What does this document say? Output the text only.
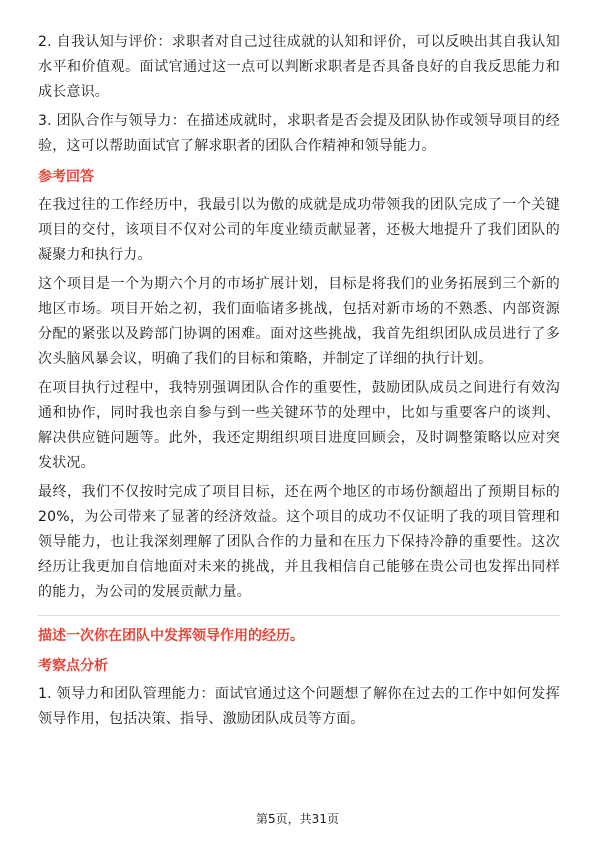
2. 自我认知与评价：求职者对自己过往成就的认知和评价，可以反映出其自我认知水平和价值观。面试官通过这一点可以判断求职者是否具备良好的自我反思能力和成长意识。

3. 团队合作与领导力：在描述成就时，求职者是否会提及团队协作或领导项目的经验，这可以帮助面试官了解求职者的团队合作精神和领导能力。

参考回答

在我过往的工作经历中，我最引以为傲的成就是成功带领我的团队完成了一个关键项目的交付，该项目不仅对公司的年度业绩贡献显著，还极大地提升了我们团队的凝聚力和执行力。

这个项目是一个为期六个月的市场扩展计划，目标是将我们的业务拓展到三个新的地区市场。项目开始之初，我们面临诸多挑战，包括对新市场的不熟悉、内部资源分配的紧张以及跨部门协调的困难。面对这些挑战，我首先组织团队成员进行了多次头脑风暴会议，明确了我们的目标和策略，并制定了详细的执行计划。

在项目执行过程中，我特别强调团队合作的重要性，鼓励团队成员之间进行有效沟通和协作，同时我也亲自参与到一些关键环节的处理中，比如与重要客户的谈判、解决供应链问题等。此外，我还定期组织项目进度回顾会，及时调整策略以应对突发状况。

最终，我们不仅按时完成了项目目标，还在两个地区的市场份额超出了预期目标的20%，为公司带来了显著的经济效益。这个项目的成功不仅证明了我的项目管理和领导能力，也让我深刻理解了团队合作的力量和在压力下保持冷静的重要性。这次经历让我更加自信地面对未来的挑战，并且我相信自己能够在贵公司也发挥出同样的能力，为公司的发展贡献力量。

描述一次你在团队中发挥领导作用的经历。
考察点分析

1. 领导力和团队管理能力：面试官通过这个问题想了解你在过去的工作中如何发挥领导作用，包括决策、指导、激励团队成员等方面。

第5页，共31页
